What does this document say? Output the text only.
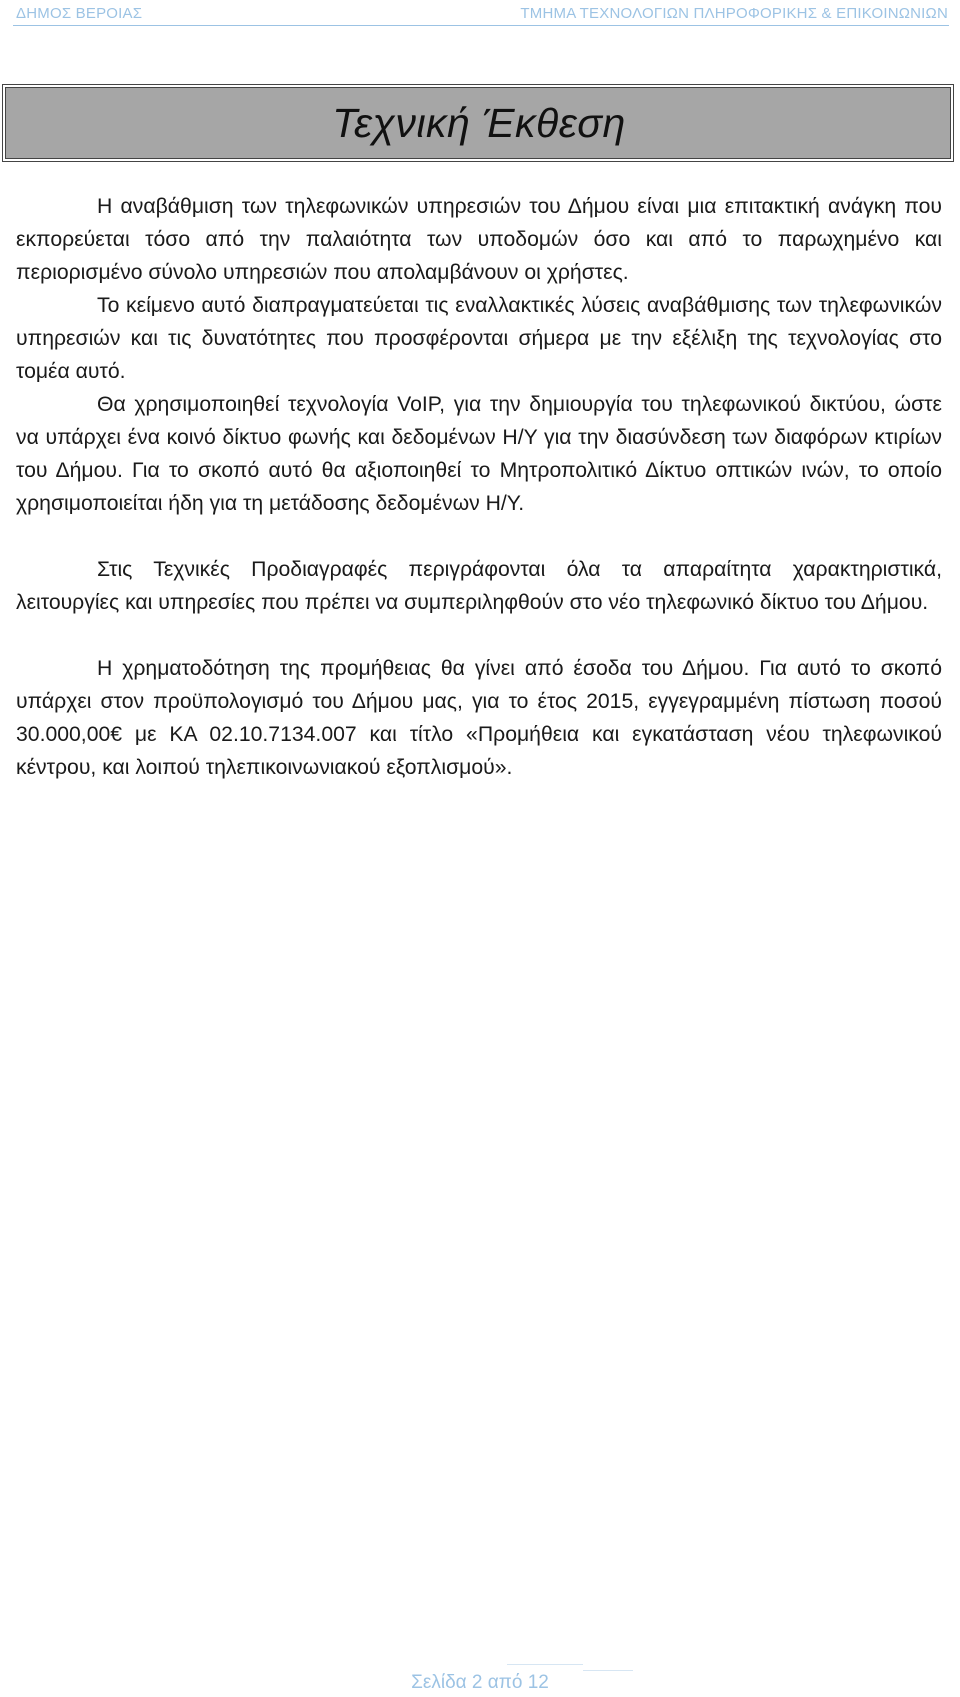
ΔΗΜΟΣ ΒΕΡΟΙΑΣ	ΤΜΗΜΑ ΤΕΧΝΟΛΟΓΙΩΝ ΠΛΗΡΟΦΟΡΙΚΗΣ & ΕΠΙΚΟΙΝΩΝΙΩΝ
Τεχνική Έκθεση

Η αναβάθμιση των τηλεφωνικών υπηρεσιών του Δήμου είναι μια επιτακτική ανάγκη που εκπορεύεται τόσο από την παλαιότητα των υποδομών όσο και από το παρωχημένο και περιορισμένο σύνολο υπηρεσιών που απολαμβάνουν οι χρήστες.

Το κείμενο αυτό διαπραγματεύεται τις εναλλακτικές λύσεις αναβάθμισης των τηλεφωνικών υπηρεσιών και τις δυνατότητες που προσφέρονται σήμερα με την εξέλιξη της τεχνολογίας στο τομέα αυτό.

Θα χρησιμοποιηθεί τεχνολογία VoIP, για την δημιουργία του τηλεφωνικού δικτύου, ώστε να υπάρχει ένα κοινό δίκτυο φωνής και δεδομένων Η/Υ για την διασύνδεση των διαφόρων κτιρίων του Δήμου. Για το σκοπό αυτό θα αξιοποιηθεί το Μητροπολιτικό Δίκτυο οπτικών ινών, το οποίο χρησιμοποιείται ήδη για τη μετάδοσης δεδομένων Η/Υ.

Στις Τεχνικές Προδιαγραφές περιγράφονται όλα τα απαραίτητα χαρακτηριστικά, λειτουργίες και υπηρεσίες που πρέπει να συμπεριληφθούν στο νέο τηλεφωνικό δίκτυο του Δήμου.

Η χρηματοδότηση της προμήθειας θα γίνει από έσοδα του Δήμου. Για αυτό το σκοπό υπάρχει στον προϋπολογισμό του Δήμου μας, για το έτος 2015, εγγεγραμμένη πίστωση ποσού 30.000,00€ με ΚΑ 02.10.7134.007 και τίτλο «Προμήθεια και εγκατάσταση νέου τηλεφωνικού κέντρου, και λοιπού τηλεπικοινωνιακού εξοπλισμού».

Σελίδα 2 από 12
